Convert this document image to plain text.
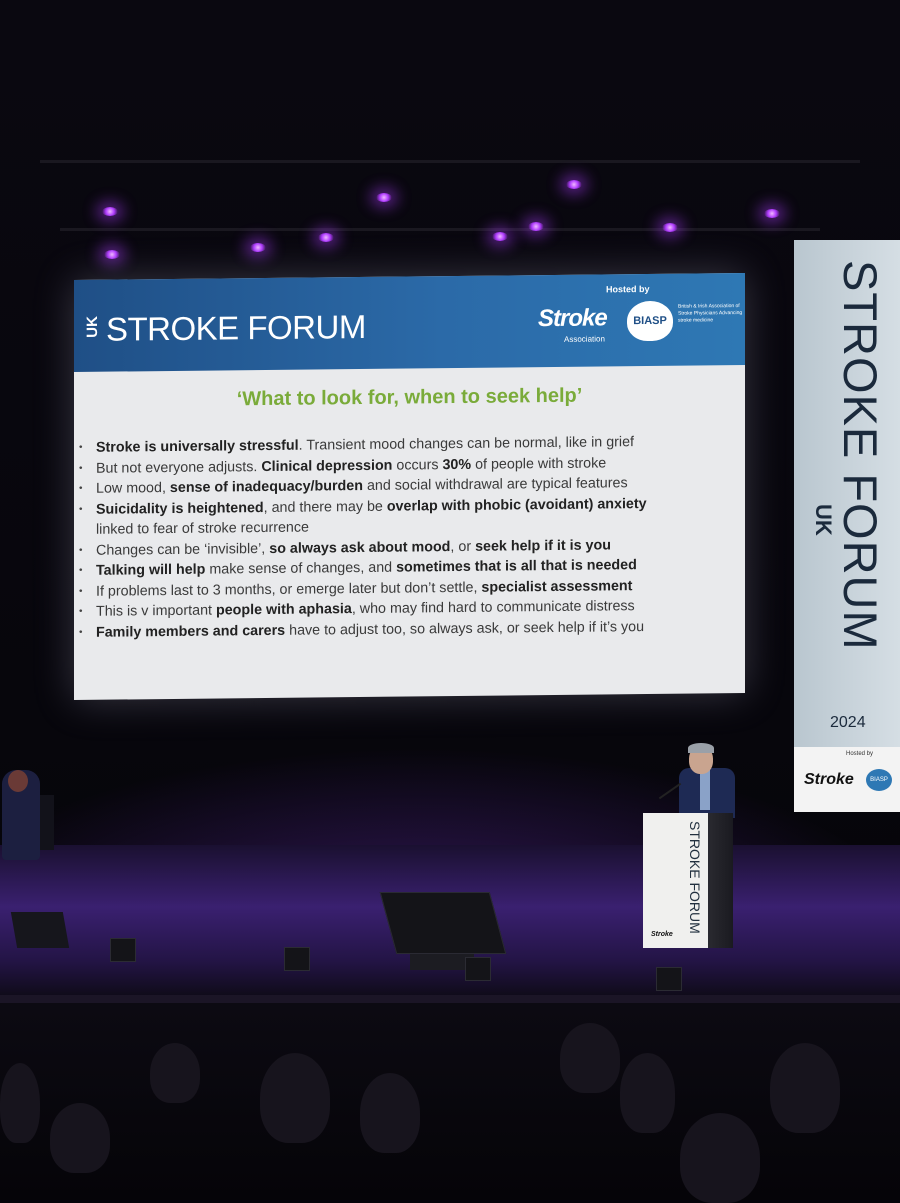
UK STROKE FORUM
Hosted by
Stroke
Association
BIASP
British & Irish Association of Stroke Physicians Advancing stroke medicine
‘What to look for, when to seek help’
• Stroke is universally stressful. Transient mood changes can be normal, like in grief
• But not everyone adjusts. Clinical depression occurs 30% of people with stroke
• Low mood, sense of inadequacy/burden and social withdrawal are typical features
• Suicidality is heightened, and there may be overlap with phobic (avoidant) anxiety
linked to fear of stroke recurrence
• Changes can be ‘invisible’, so always ask about mood, or seek help if it is you
• Talking will help make sense of changes, and sometimes that is all that is needed
• If problems last to 3 months, or emerge later but don’t settle, specialist assessment
• This is v important people with aphasia, who may find hard to communicate distress
• Family members and carers have to adjust too, so always ask, or seek help if it’s you
UK
STROKE FORUM
2024
Hosted by
Stroke	BIASP
STROKE FORUM
Stroke
